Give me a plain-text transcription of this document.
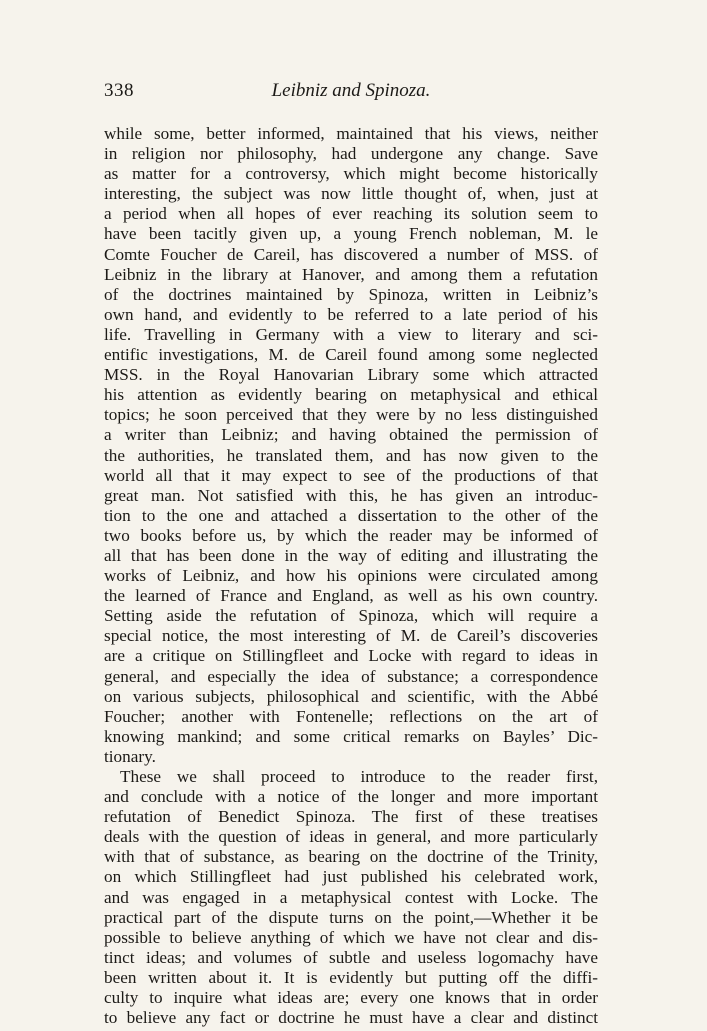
338	Leibniz and Spinoza.
while some, better informed, maintained that his views, neither
in religion nor philosophy, had undergone any change. Save
as matter for a controversy, which might become historically
interesting, the subject was now little thought of, when, just at
a period when all hopes of ever reaching its solution seem to
have been tacitly given up, a young French nobleman, M. le
Comte Foucher de Careil, has discovered a number of MSS. of
Leibniz in the library at Hanover, and among them a refutation
of the doctrines maintained by Spinoza, written in Leibniz’s
own hand, and evidently to be referred to a late period of his
life. Travelling in Germany with a view to literary and sci-
entific investigations, M. de Careil found among some neglected
MSS. in the Royal Hanovarian Library some which attracted
his attention as evidently bearing on metaphysical and ethical
topics; he soon perceived that they were by no less distinguished
a writer than Leibniz; and having obtained the permission of
the authorities, he translated them, and has now given to the
world all that it may expect to see of the productions of that
great man. Not satisfied with this, he has given an introduc-
tion to the one and attached a dissertation to the other of the
two books before us, by which the reader may be informed of
all that has been done in the way of editing and illustrating the
works of Leibniz, and how his opinions were circulated among
the learned of France and England, as well as his own country.
Setting aside the refutation of Spinoza, which will require a
special notice, the most interesting of M. de Careil’s discoveries
are a critique on Stillingfleet and Locke with regard to ideas in
general, and especially the idea of substance; a correspondence
on various subjects, philosophical and scientific, with the Abbé
Foucher; another with Fontenelle; reflections on the art of
knowing mankind; and some critical remarks on Bayles’ Dic-
tionary.
These we shall proceed to introduce to the reader first,
and conclude with a notice of the longer and more important
refutation of Benedict Spinoza. The first of these treatises
deals with the question of ideas in general, and more particularly
with that of substance, as bearing on the doctrine of the Trinity,
on which Stillingfleet had just published his celebrated work,
and was engaged in a metaphysical contest with Locke. The
practical part of the dispute turns on the point,—Whether it be
possible to believe anything of which we have not clear and dis-
tinct ideas; and volumes of subtle and useless logomachy have
been written about it. It is evidently but putting off the diffi-
culty to inquire what ideas are; every one knows that in order
to believe any fact or doctrine he must have a clear and distinct
